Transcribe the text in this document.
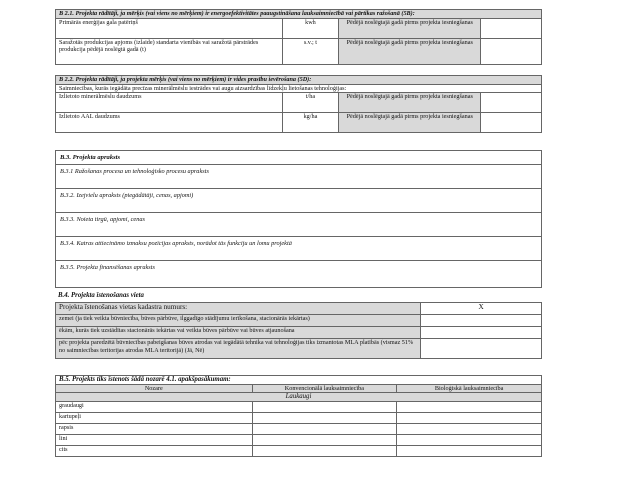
B 2.1. Projekta rādītāji, ja mērķis (vai viens no mērķiem) ir energoefektivitātes paaugstināšana lauksaimniecībā vai pārtikas ražošanā (5B):			
Primārās enerģijas gala patēriņš	kwh	Pēdējā noslēgtajā gadā pirms projekta iesniegšanas	
Saražotās produkcijas apjoms (izlaide) standarta vienībās vai saražotā pārstrādes produkcija pēdējā noslēgtā gadā (t)	s.v.; t	Pēdējā noslēgtajā gadā pirms projekta iesniegšanas	
B 2.2. Projekta rādītāji, ja projekta mērķis (vai viens no mērķiem) ir vides prasību ievērošana (5D):			
Saimniecības, kurās iegādāta precīzas minerālmēslu iestrādes vai augu aizsardzības līdzekļu lietošanas tehnoloģijas:			
Izlietoto minerālmēslu daudzums	t/ha	Pēdējā noslēgtajā gadā pirms projekta iesniegšanas	
Izlietoto AAL daudzums	kg/ha	Pēdējā noslēgtajā gadā pirms projekta iesniegšanas	
B.3. Projekta apraksts
B.3.1 Ražošanas procesa un tehnoloģisko procesu apraksts
B.3.2. Izejvielu apraksts (piegādātāji, cenas, apjomi)
B.3.3. Noieta tirgū, apjomi, cenas
B.3.4. Katras attiecināmo izmaksu pozīcijas apraksts, norādot tās funkciju un lomu projektā
B.3.5. Projekta finansēšanas apraksts
B.4. Projekta īstenošanas vieta
Projekta īstenošanas vietas kadastra numurs:	X
zemei (ja tiek veikta būvniecība, būves pārbūve, ilggadīgo stādījumu ierīkošana, stacionārās iekārtas)	
ēkām, kurās tiek uzstādītas stacionārās iekārtas vai veikta būves pārbūve vai būves atjaunošana	
pēc projekta paredzētā būvniecības pabeigšanas būves atrodas vai iegādātā tehnika vai tehnoloģijas tiks izmantotas MLA platībās (vismaz 51% no saimniecības teritorijas atrodas MLA teritorijā) (Jā, Nē)	
B.5. Projekts tiks īstenots šādā nozarē 4.1. apakšpasākumam:		
Nozare	Konvencionālā lauksaimniecība	Bioloģiskā lauksaimniecība
Laukaugi		
graudaugi		
kartupeļi		
rapsis		
lini		
cits		
